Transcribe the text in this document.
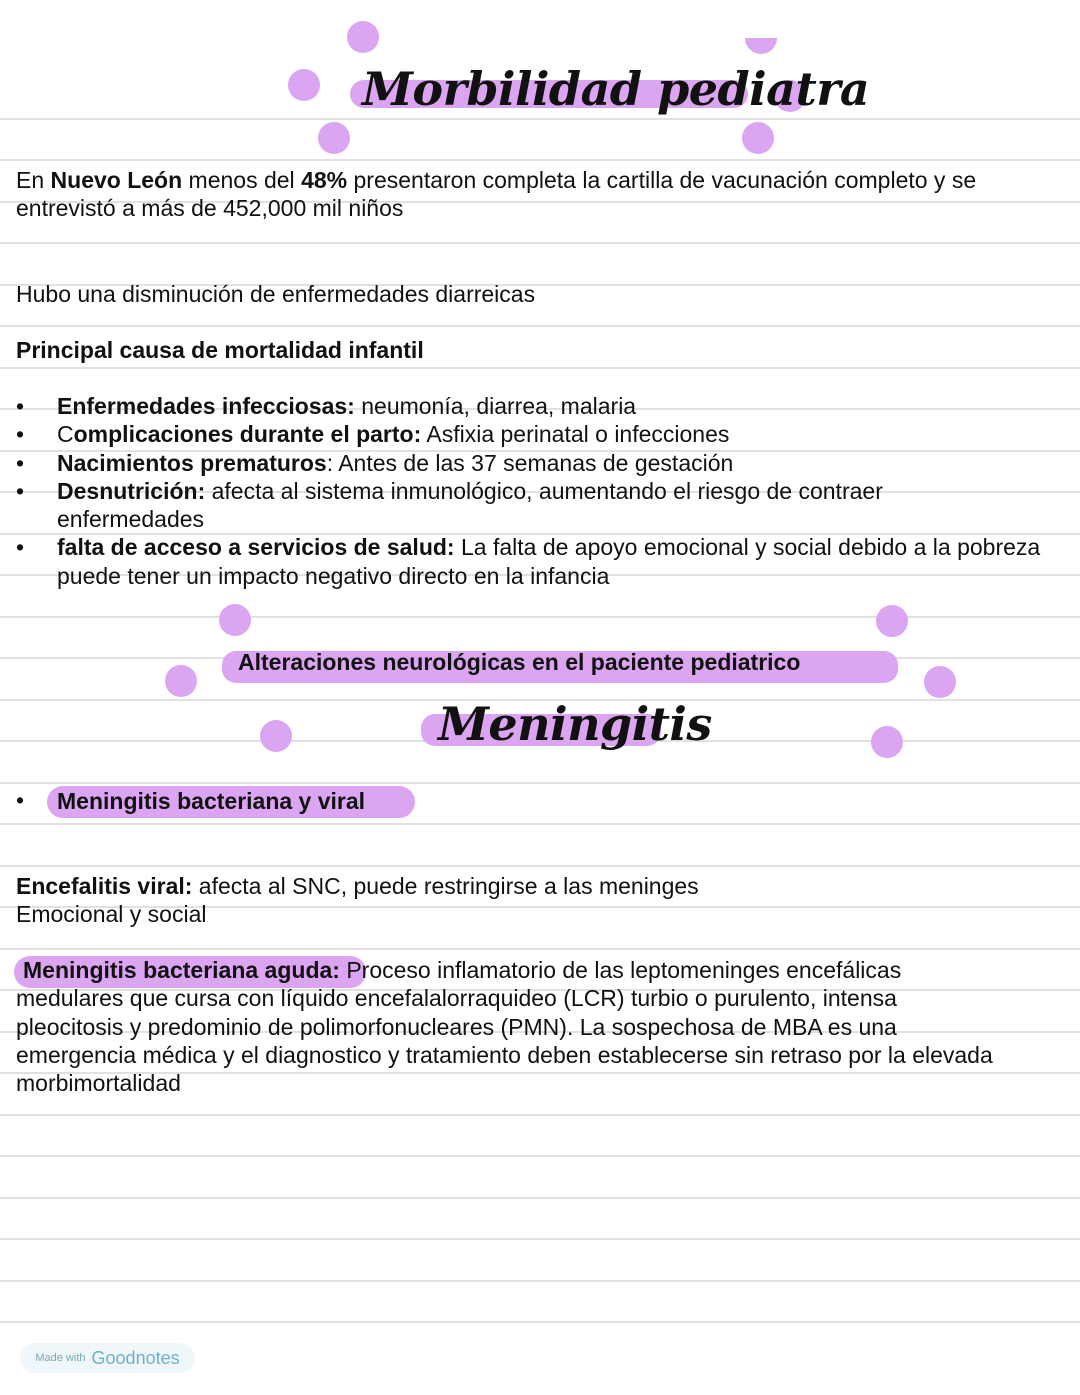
Morbilidad pediatra

En Nuevo León menos del 48% presentaron completa la cartilla de vacunación completo y se entrevistó a más de 452,000 mil niños

Hubo una disminución de enfermedades diarreicas

Principal causa de mortalidad infantil

• Enfermedades infecciosas: neumonía, diarrea, malaria
• Complicaciones durante el parto: Asfixia perinatal o infecciones
• Nacimientos prematuros: Antes de las 37 semanas de gestación
• Desnutrición: afecta al sistema inmunológico, aumentando el riesgo de contraer enfermedades
• falta de acceso a servicios de salud: La falta de apoyo emocional y social debido a la pobreza puede tener un impacto negativo directo en la infancia
Alteraciones neurológicas en el paciente pediatrico
Meningitis
• Meningitis bacteriana y viral

Encefalitis viral: afecta al SNC, puede restringirse a las meninges

Emocional y social

Meningitis bacteriana aguda: Proceso inflamatorio de las leptomeninges encefálicas medulares que cursa con líquido encefalalorraquideo (LCR) turbio o purulento, intensa pleocitosis y predominio de polimorfonucleares (PMN). La sospechosa de MBA es una emergencia médica y el diagnostico y tratamiento deben establecerse sin retraso por la elevada morbimortalidad

Made with Goodnotes
